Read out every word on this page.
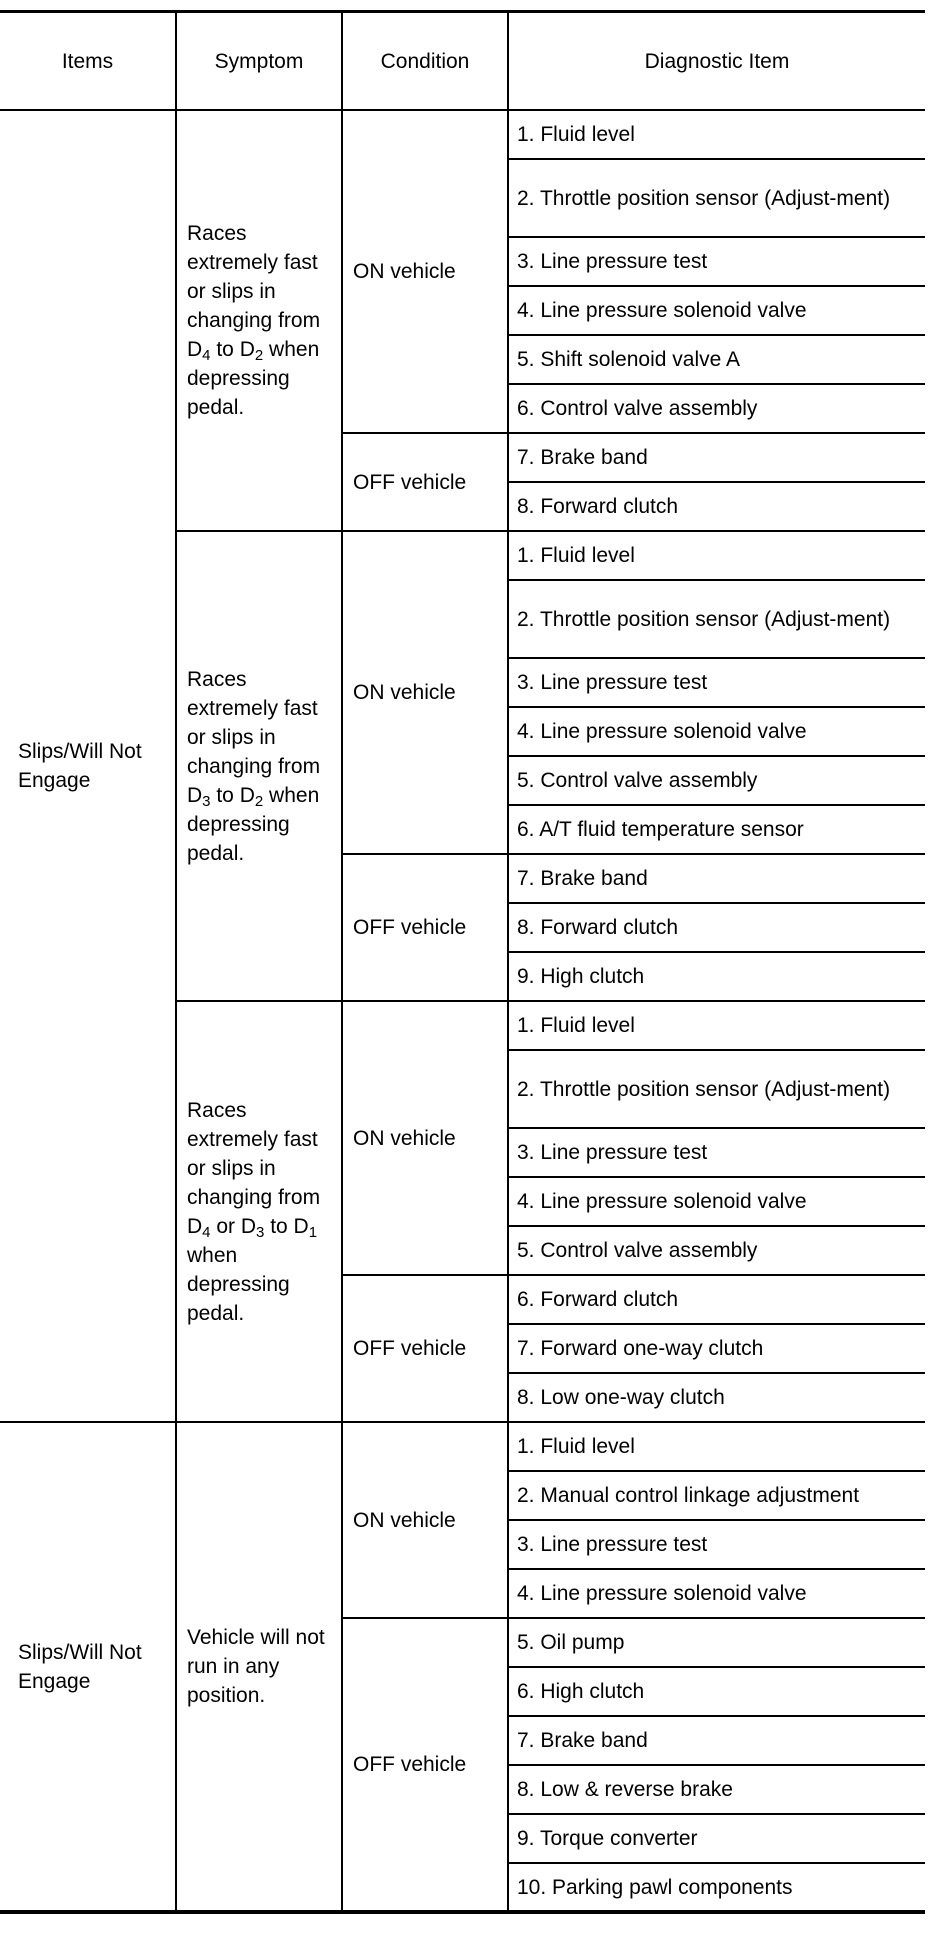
Items	Symptom	Condition	Diagnostic Item
Slips/Will Not Engage	Races extremely fast or slips in changing from $D_4$ to $D_2$ when depressing pedal.	ON vehicle	1. Fluid level
			2. Throttle position sensor (Adjust-ment)
			3. Line pressure test
			4. Line pressure solenoid valve
			5. Shift solenoid valve A
			6. Control valve assembly
		OFF vehicle	7. Brake band
			8. Forward clutch
	Races extremely fast or slips in changing from $D_3$ to $D_2$ when depressing pedal.	ON vehicle	1. Fluid level
			2. Throttle position sensor (Adjust-ment)
			3. Line pressure test
			4. Line pressure solenoid valve
			5. Control valve assembly
			6. A/T fluid temperature sensor
		OFF vehicle	7. Brake band
			8. Forward clutch
			9. High clutch
	Races extremely fast or slips in changing from $D_4$ or $D_3$ to $D_1$ when depressing pedal.	ON vehicle	1. Fluid level
			2. Throttle position sensor (Adjust-ment)
			3. Line pressure test
			4. Line pressure solenoid valve
			5. Control valve assembly
		OFF vehicle	6. Forward clutch
			7. Forward one-way clutch
			8. Low one-way clutch
Slips/Will Not Engage	Vehicle will not run in any position.	ON vehicle	1. Fluid level
			2. Manual control linkage adjustment
			3. Line pressure test
			4. Line pressure solenoid valve
		OFF vehicle	5. Oil pump
			6. High clutch
			7. Brake band
			8. Low & reverse brake
			9. Torque converter
			10. Parking pawl components
